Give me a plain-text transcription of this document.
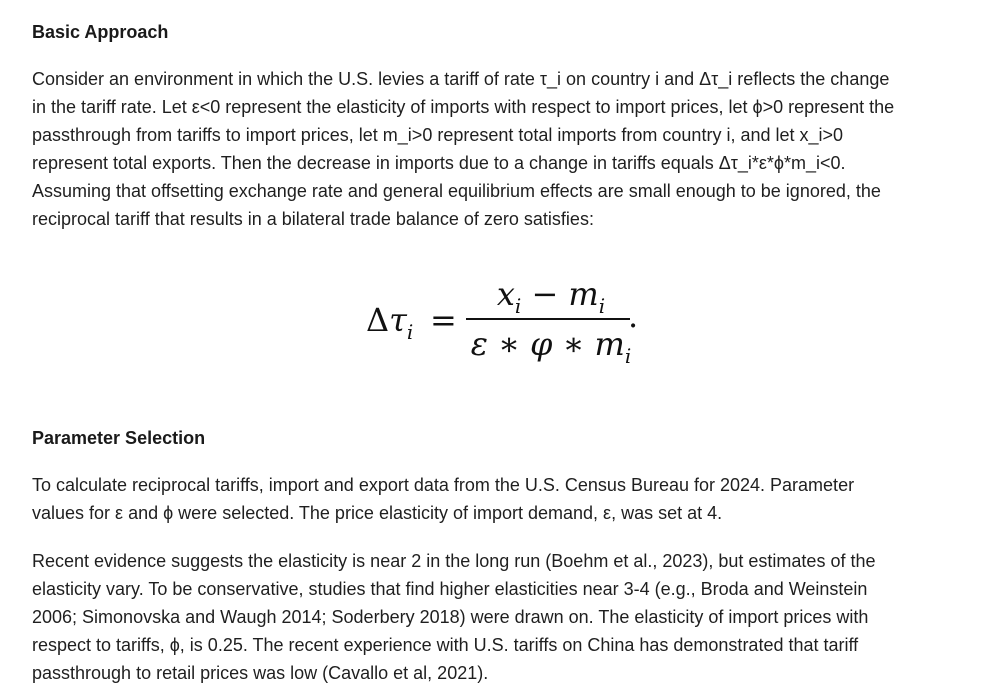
Basic Approach
Consider an environment in which the U.S. levies a tariff of rate τ_i on country i and Δτ_i reflects the change
in the tariff rate. Let ε<0 represent the elasticity of imports with respect to import prices, let ϕ>0 represent the
passthrough from tariffs to import prices, let m_i>0 represent total imports from country i, and let x_i>0
represent total exports. Then the decrease in imports due to a change in tariffs equals Δτ_i*ε*ϕ*m_i<0.
Assuming that offsetting exchange rate and general equilibrium effects are small enough to be ignored, the
reciprocal tariff that results in a bilateral trade balance of zero satisfies:
$\Delta\tau_i$ =
$x_i - m_i$
ε ∗ φ ∗ $m_i$
.
Parameter Selection
To calculate reciprocal tariffs, import and export data from the U.S. Census Bureau for 2024. Parameter
values for ε and ϕ were selected. The price elasticity of import demand, ε, was set at 4.
Recent evidence suggests the elasticity is near 2 in the long run (Boehm et al., 2023), but estimates of the
elasticity vary. To be conservative, studies that find higher elasticities near 3-4 (e.g., Broda and Weinstein
2006; Simonovska and Waugh 2014; Soderbery 2018) were drawn on. The elasticity of import prices with
respect to tariffs, ϕ, is 0.25. The recent experience with U.S. tariffs on China has demonstrated that tariff
passthrough to retail prices was low (Cavallo et al, 2021).
